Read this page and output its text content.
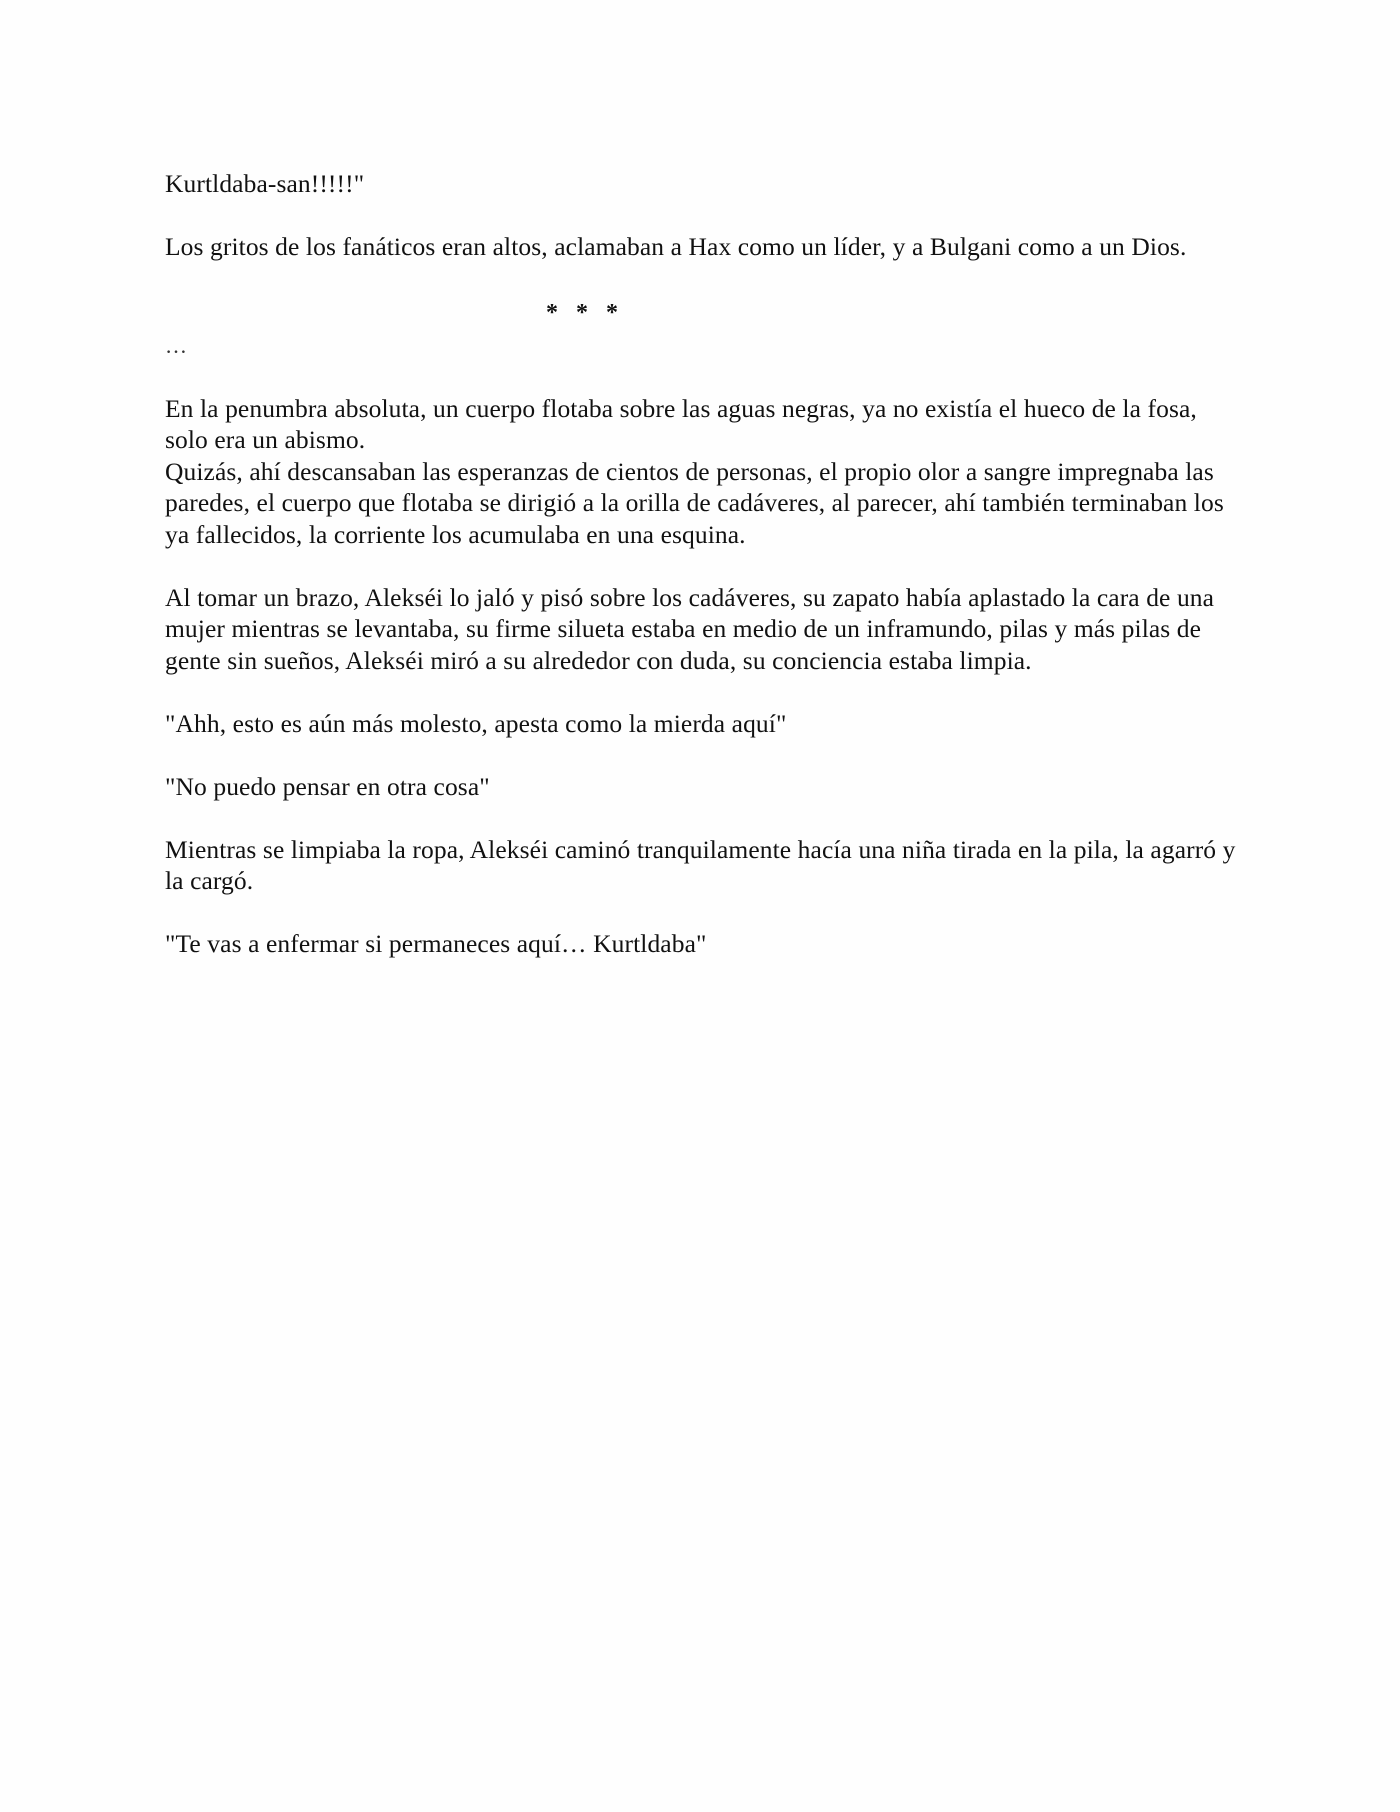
Kurtldaba-san!!!!!"

Los gritos de los fanáticos eran altos, aclamaban a Hax como un líder, y a Bulgani como a un Dios.

* * *
…

En la penumbra absoluta, un cuerpo flotaba sobre las aguas negras, ya no existía el hueco de la fosa, solo era un abismo.

Quizás, ahí descansaban las esperanzas de cientos de personas, el propio olor a sangre impregnaba las paredes, el cuerpo que flotaba se dirigió a la orilla de cadáveres, al parecer, ahí también terminaban los ya fallecidos, la corriente los acumulaba en una esquina.

Al tomar un brazo, Alekséi lo jaló y pisó sobre los cadáveres, su zapato había aplastado la cara de una mujer mientras se levantaba, su firme silueta estaba en medio de un inframundo, pilas y más pilas de gente sin sueños, Alekséi miró a su alrededor con duda, su conciencia estaba limpia.

"Ahh, esto es aún más molesto, apesta como la mierda aquí"

"No puedo pensar en otra cosa"

Mientras se limpiaba la ropa, Alekséi caminó tranquilamente hacía una niña tirada en la pila, la agarró y la cargó.

"Te vas a enfermar si permaneces aquí… Kurtldaba"
